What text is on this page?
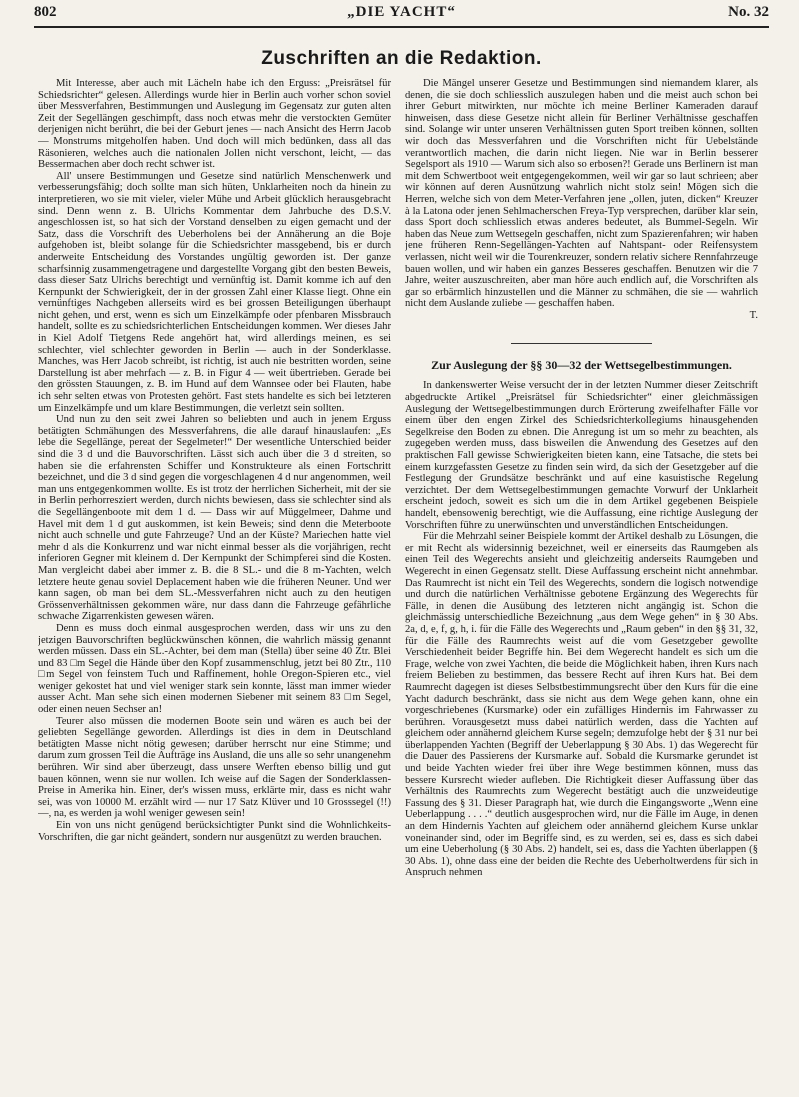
802	„DIE YACHT“	No. 32
Zuschriften an die Redaktion.

Mit Interesse, aber auch mit Lächeln habe ich den Erguss: „Preisrätsel für Schiedsrichter“ gelesen. Allerdings wurde hier in Berlin auch vorher schon soviel über Messverfahren, Bestimmungen und Auslegung im Gegensatz zur guten alten Zeit der Segellängen geschimpft, dass noch etwas mehr die verstockten Gemüter derjenigen nicht berührt, die bei der Geburt jenes — nach Ansicht des Herrn Jacob — Monstrums mitgeholfen haben. Und doch will mich bedünken, dass all das Räsonieren, welches auch die nationalen Jollen nicht verschont, leicht, — das Bessermachen aber doch recht schwer ist.

All' unsere Bestimmungen und Gesetze sind natürlich Menschenwerk und verbesserungsfähig; doch sollte man sich hüten, Unklarheiten noch da hinein zu interpretieren, wo sie mit vieler, vieler Mühe und Arbeit glücklich herausgebracht sind. Denn wenn z. B. Ulrichs Kommentar dem Jahrbuche des D.S.V. angeschlossen ist, so hat sich der Vorstand denselben zu eigen gemacht und der Satz, dass die Vorschrift des Ueberholens bei der Annäherung an die Boje aufgehoben ist, bleibt solange für die Schiedsrichter massgebend, bis er durch anderweite Entscheidung des Vorstandes ungültig geworden ist. Der ganze scharfsinnig zusammengetragene und dargestellte Vorgang gibt den besten Beweis, dass dieser Satz Ulrichs berechtigt und vernünftig ist. Damit komme ich auf den Kernpunkt der Schwierigkeit, der in der grossen Zahl einer Klasse liegt. Ohne ein vernünftiges Nachgeben allerseits wird es bei grossen Beteiligungen überhaupt nicht gehen, und erst, wenn es sich um Einzelkämpfe oder pfenbaren Missbrauch handelt, sollte es zu schiedsrichterlichen Entscheidungen kommen. Wer dieses Jahr in Kiel Adolf Tietgens Rede angehört hat, wird allerdings meinen, es sei schlechter, viel schlechter geworden in Berlin — auch in der Sonderklasse. Manches, was Herr Jacob schreibt, ist richtig, ist auch nie bestritten worden, seine Darstellung ist aber mehrfach — z. B. in Figur 4 — weit übertrieben. Gerade bei den grössten Stauungen, z. B. im Hund auf dem Wannsee oder bei Flauten, habe ich sehr selten etwas von Protesten gehört. Fast stets handelte es sich bei letzteren um Einzelkämpfe und um klare Bestimmungen, die verletzt sein sollten.

Und nun zu den seit zwei Jahren so beliebten und auch in jenem Erguss betätigten Schmähungen des Messverfahrens, die alle darauf hinauslaufen: „Es lebe die Segellänge, pereat der Segelmeter!“ Der wesentliche Unterschied beider sind die 3 d und die Bauvorschriften. Lässt sich auch über die 3 d streiten, so haben sie die erfahrensten Schiffer und Konstrukteure als einen Fortschritt bezeichnet, und die 3 d sind gegen die vorgeschlagenen 4 d nur angenommen, weil man uns entgegenkommen wollte. Es ist trotz der herrlichen Sicherheit, mit der sie in Berlin perhorresziert werden, durch nichts bewiesen, dass sie schlechter sind als die Segellängenboote mit dem 1 d. — Dass wir auf Müggelmeer, Dahme und Havel mit dem 1 d gut auskommen, ist kein Beweis; sind denn die Meterboote nicht auch schnelle und gute Fahrzeuge? Und an der Küste? Mariechen hatte viel mehr d als die Konkurrenz und war nicht einmal besser als die vorjährigen, recht inferioren Gegner mit kleinem d. Der Kernpunkt der Schimpferei sind die Kosten. Man vergleicht dabei aber immer z. B. die 8 SL.- und die 8 m-Yachten, welch letztere heute genau soviel Deplacement haben wie die früheren Neuner. Und wer kann sagen, ob man bei dem SL.-Messverfahren nicht auch zu den heutigen Grössenverhältnissen gekommen wäre, nur dass dann die Fahrzeuge gefährliche schwache Zigarrenkisten gewesen wären.

Denn es muss doch einmal ausgesprochen werden, dass wir uns zu den jetzigen Bauvorschriften beglückwünschen können, die wahrlich mässig genannt werden müssen. Dass ein SL.-Achter, bei dem man (Stella) über seine 40 Ztr. Blei und 83 □m Segel die Hände über den Kopf zusammenschlug, jetzt bei 80 Ztr., 110 □m Segel von feinstem Tuch und Raffinement, hohle Oregon-Spieren etc., viel weniger gekostet hat und viel weniger stark sein konnte, lässt man immer wieder ausser Acht. Man sehe sich einen modernen Siebener mit seinem 83 □m Segel, oder einen neuen Sechser an!

Teurer also müssen die modernen Boote sein und wären es auch bei der geliebten Segellänge geworden. Allerdings ist dies in dem in Deutschland betätigten Masse nicht nötig gewesen; darüber herrscht nur eine Stimme; und darum zum grossen Teil die Aufträge ins Ausland, die uns alle so sehr unangenehm berühren. Wir sind aber überzeugt, dass unsere Werften ebenso billig und gut bauen können, wenn sie nur wollen. Ich weise auf die Sagen der Sonderklassen-Preise in Amerika hin. Einer, der's wissen muss, erklärte mir, dass es nicht wahr sei, was von 10000 M. erzählt wird — nur 17 Satz Klüver und 10 Grosssegel (!!) —, na, es werden ja wohl weniger gewesen sein!

Ein von uns nicht genügend berücksichtigter Punkt sind die Wohnlichkeits-Vorschriften, die gar nicht geändert, sondern nur ausgenützt zu werden brauchen.

Die Mängel unserer Gesetze und Bestimmungen sind niemandem klarer, als denen, die sie doch schliesslich auszulegen haben und die meist auch schon bei ihrer Geburt mitwirkten, nur möchte ich meine Berliner Kameraden darauf hinweisen, dass diese Gesetze nicht allein für Berliner Verhältnisse geschaffen sind. Solange wir unter unseren Verhältnissen guten Sport treiben können, sollten wir doch das Messverfahren und die Vorschriften nicht für Uebelstände verantwortlich machen, die darin nicht liegen. Nie war in Berlin besserer Segelsport als 1910 — Warum sich also so erbosen?! Gerade uns Berlinern ist man mit dem Schwertboot weit entgegengekommen, weil wir gar so laut schrieen; aber wir können auf deren Ausnützung wahrlich nicht stolz sein! Mögen sich die Herren, welche sich von dem Meter-Verfahren jene „ollen, juten, dicken“ Kreuzer à la Latona oder jenen Sehlmacherschen Freya-Typ versprechen, darüber klar sein, dass Sport doch schliesslich etwas anderes bedeutet, als Bummel-Segeln. Wir haben das Neue zum Wettsegeln geschaffen, nicht zum Spazierenfahren; wir haben jene früheren Renn-Segellängen-Yachten auf Nahtspant- oder Reifensystem verlassen, nicht weil wir die Tourenkreuzer, sondern relativ sichere Rennfahrzeuge bauen wollen, und wir haben ein ganzes Besseres geschaffen. Benutzen wir die 7 Jahre, weiter auszuschreiten, aber man höre auch endlich auf, die Vorschriften als gar so erbärmlich hinzustellen und die Männer zu schmähen, die sie — wahrlich nicht dem Auslande zuliebe — geschaffen haben.

T.

Zur Auslegung der §§ 30—32 der Wettsegelbestimmungen.

In dankenswerter Weise versucht der in der letzten Nummer dieser Zeitschrift abgedruckte Artikel „Preisrätsel für Schiedsrichter“ einer gleichmässigen Auslegung der Wettsegelbestimmungen durch Erörterung zweifelhafter Fälle vor einem über den engen Zirkel des Schiedsrichterkollegiums hinausgehenden Segelkreise den Boden zu ebnen. Die Anregung ist um so mehr zu beachten, als zugegeben werden muss, dass bisweilen die Anwendung des Gesetzes auf den praktischen Fall gewisse Schwierigkeiten bieten kann, eine Tatsache, die stets bei einem kurzgefassten Gesetze zu finden sein wird, da sich der Gesetzgeber auf die Festlegung der Grundsätze beschränkt und auf eine kasuistische Regelung verzichtet. Der dem Wettsegelbestimmungen gemachte Vorwurf der Unklarheit erscheint jedoch, soweit es sich um die in dem Artikel gegebenen Beispiele handelt, ebensowenig berechtigt, wie die Auffassung, eine richtige Auslegung der Vorschriften führe zu unerwünschten und unverständlichen Entscheidungen.

Für die Mehrzahl seiner Beispiele kommt der Artikel deshalb zu Lösungen, die er mit Recht als widersinnig bezeichnet, weil er einerseits das Raumgeben als einen Teil des Wegerechts ansieht und gleichzeitig anderseits Raumgeben und Wegerecht in einen Gegensatz stellt. Diese Auffassung erscheint nicht annehmbar. Das Raumrecht ist nicht ein Teil des Wegerechts, sondern die logisch notwendige und durch die natürlichen Verhältnisse gebotene Ergänzung des Wegerechts für Fälle, in denen die Ausübung des letzteren nicht angängig ist. Schon die gleichmässig unterschiedliche Bezeichnung „aus dem Wege gehen“ in § 30 Abs. 2a, d, e, f, g, h, i. für die Fälle des Wegerechts und „Raum geben“ in den §§ 31, 32, für die Fälle des Raumrechts weist auf die vom Gesetzgeber gewollte Verschiedenheit beider Begriffe hin. Bei dem Wegerecht handelt es sich um die Frage, welche von zwei Yachten, die beide die Möglichkeit haben, ihren Kurs nach freiem Belieben zu bestimmen, das bessere Recht auf ihren Kurs hat. Bei dem Raumrecht dagegen ist dieses Selbstbestimmungsrecht über den Kurs für die eine Yacht dadurch beschränkt, dass sie nicht aus dem Wege gehen kann, ohne ein vorgeschriebenes (Kursmarke) oder ein zufälliges Hindernis im Fahrwasser zu berühren. Vorausgesetzt muss dabei natürlich werden, dass die Yachten auf gleichem oder annähernd gleichem Kurse segeln; demzufolge hebt der § 31 nur bei überlappenden Yachten (Begriff der Ueberlappung § 30 Abs. 1) das Wegerecht für die Dauer des Passierens der Kursmarke auf. Sobald die Kursmarke gerundet ist und beide Yachten wieder frei über ihre Wege bestimmen können, muss das bessere Kursrecht wieder aufleben. Die Richtigkeit dieser Auffassung über das Verhältnis des Raumrechts zum Wegerecht bestätigt auch die unzweideutige Fassung des § 31. Dieser Paragraph hat, wie durch die Eingangsworte „Wenn eine Ueberlappung . . . .“ deutlich ausgesprochen wird, nur die Fälle im Auge, in denen an dem Hindernis Yachten auf gleichem oder annähernd gleichem Kurse unklar voneinander sind, oder im Begriffe sind, es zu werden, sei es, dass es sich dabei um eine Ueberholung (§ 30 Abs. 2) handelt, sei es, dass die Yachten überlappen (§ 30 Abs. 1), ohne dass eine der beiden die Rechte des Ueberholtwerdens für sich in Anspruch nehmen
